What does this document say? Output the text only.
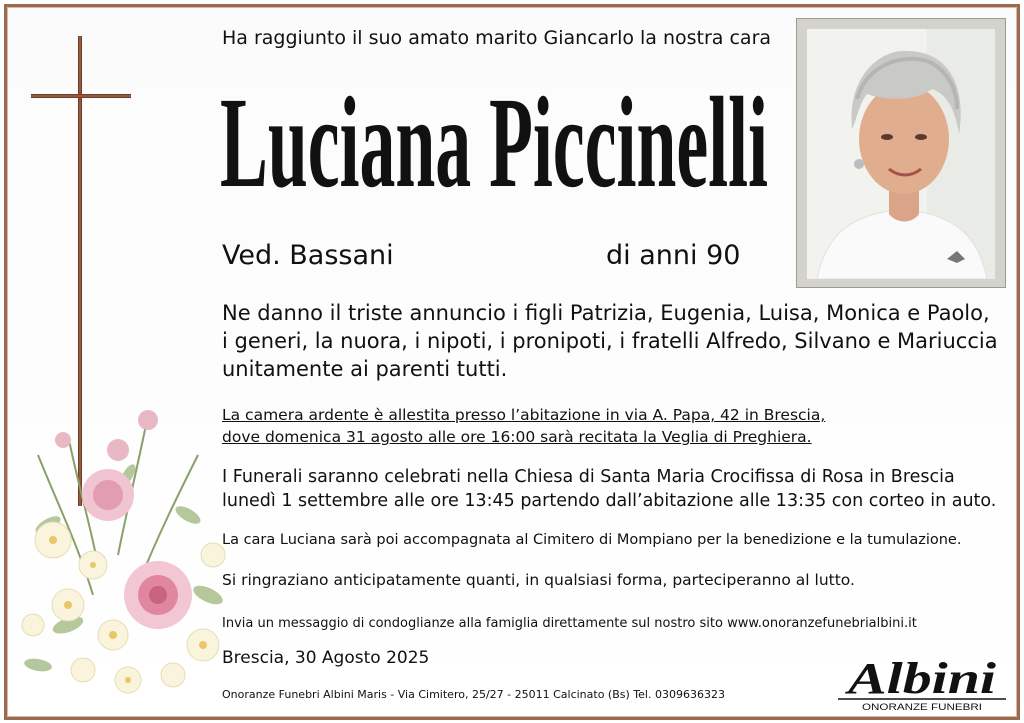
Ha raggiunto il suo amato marito Giancarlo la nostra cara
Luciana Piccinelli
Ved. Bassani	di anni 90
Ne danno il triste annuncio i figli Patrizia, Eugenia, Luisa, Monica e Paolo,
i generi, la nuora, i nipoti, i pronipoti, i fratelli Alfredo, Silvano e Mariuccia
unitamente ai parenti tutti.
La camera ardente è allestita presso l’abitazione in via A. Papa, 42 in Brescia,
dove domenica 31 agosto alle ore 16:00 sarà recitata la Veglia di Preghiera.
I Funerali saranno celebrati nella Chiesa di Santa Maria Crocifissa di Rosa in Brescia
lunedì 1 settembre alle ore 13:45 partendo dall’abitazione alle 13:35 con corteo in auto.
La cara Luciana sarà poi accompagnata al Cimitero di Mompiano per la benedizione e la tumulazione.
Si ringraziano anticipatamente quanti, in qualsiasi forma, parteciperanno al lutto.
Invia un messaggio di condoglianze alla famiglia direttamente sul nostro sito www.onoranzefunebrialbini.it
Brescia, 30 Agosto 2025
Onoranze Funebri Albini Maris - Via Cimitero, 25/27 - 25011 Calcinato (Bs) Tel. 0309636323	Albini
ONORANZE FUNEBRI
